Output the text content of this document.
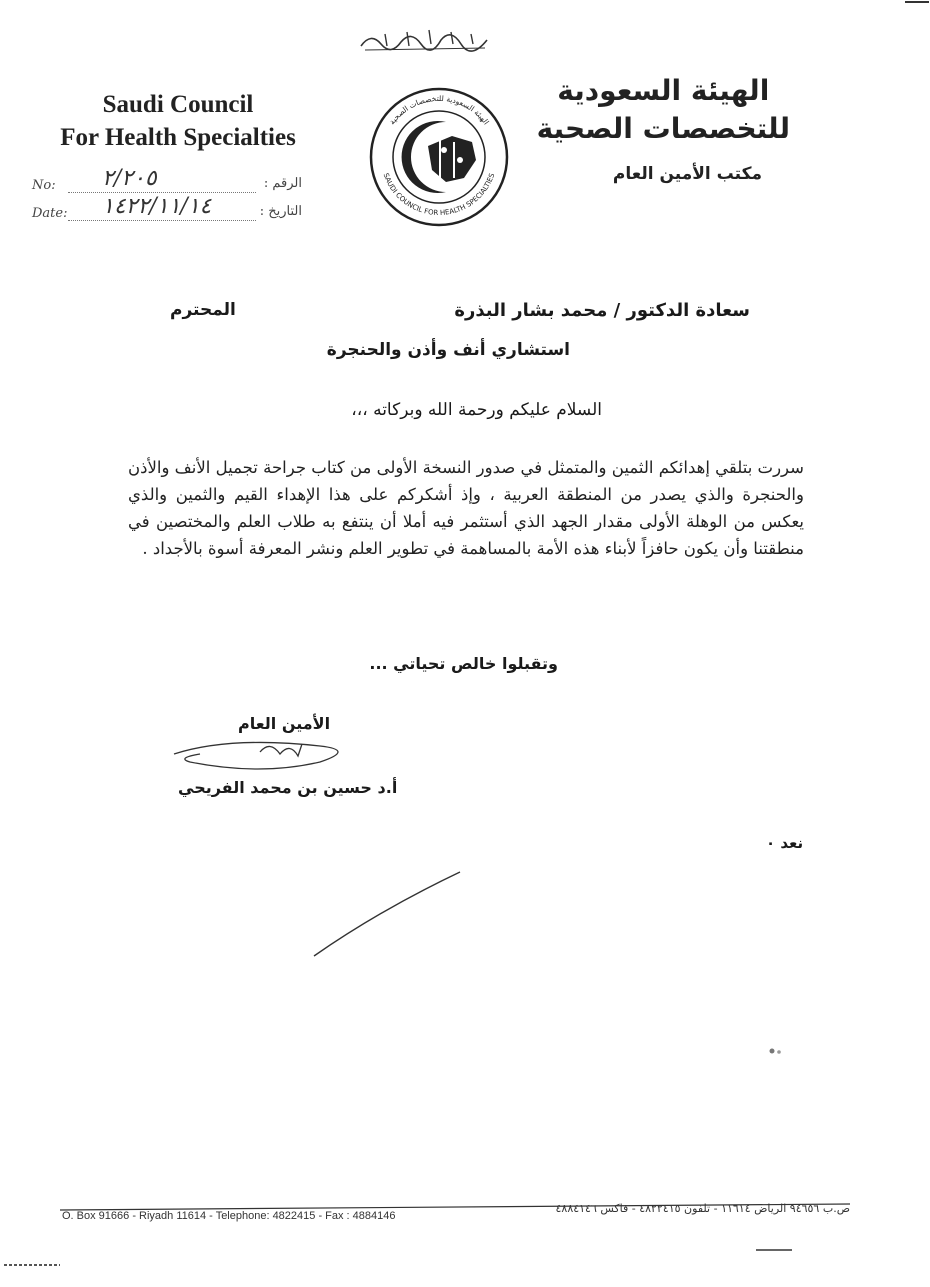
Saudi Council
For Health Specialties
الهيئة السعودية للتخصصات الصحية
SAUDI COUNCIL FOR HEALTH SPECIALTIES
الهيئة السعودية
للتخصصات الصحية
مكتب الأمين العام
No: ٢/٢٠٥	الرقم :
Date: ١٤٢٢/١١/١٤	التاريخ :
سعادة الدكتور / محمد بشار البذرة
المحترم
استشاري أنف وأذن والحنجرة
السلام عليكم ورحمة الله وبركاته ،،،
سررت بتلقي إهدائكم الثمين والمتمثل في صدور النسخة الأولى من كتاب جراحة تجميل الأنف والأذن والحنجرة والذي يصدر من المنطقة العربية ، وإذ أشكركم على هذا الإهداء القيم والثمين والذي يعكس من الوهلة الأولى مقدار الجهد الذي أستثمر فيه أملا أن ينتفع به طلاب العلم والمختصين في منطقتنا وأن يكون حافزاً لأبناء هذه الأمة بالمساهمة في تطوير العلم ونشر المعرفة أسوة بالأجداد .
وتقبلوا خالص تحياتي ...
الأمين العام
أ.د حسين بن محمد الفريحي
نعد ٠
O. Box 91666 - Riyadh 11614 - Telephone: 4822415 - Fax : 4884146
ص.ب ٩٤٦٥٦ الرياض ١١٦١٤ - تلفون ٤٨٢٢٤١٥ - فاكس ٤٨٨٤١٤٦
